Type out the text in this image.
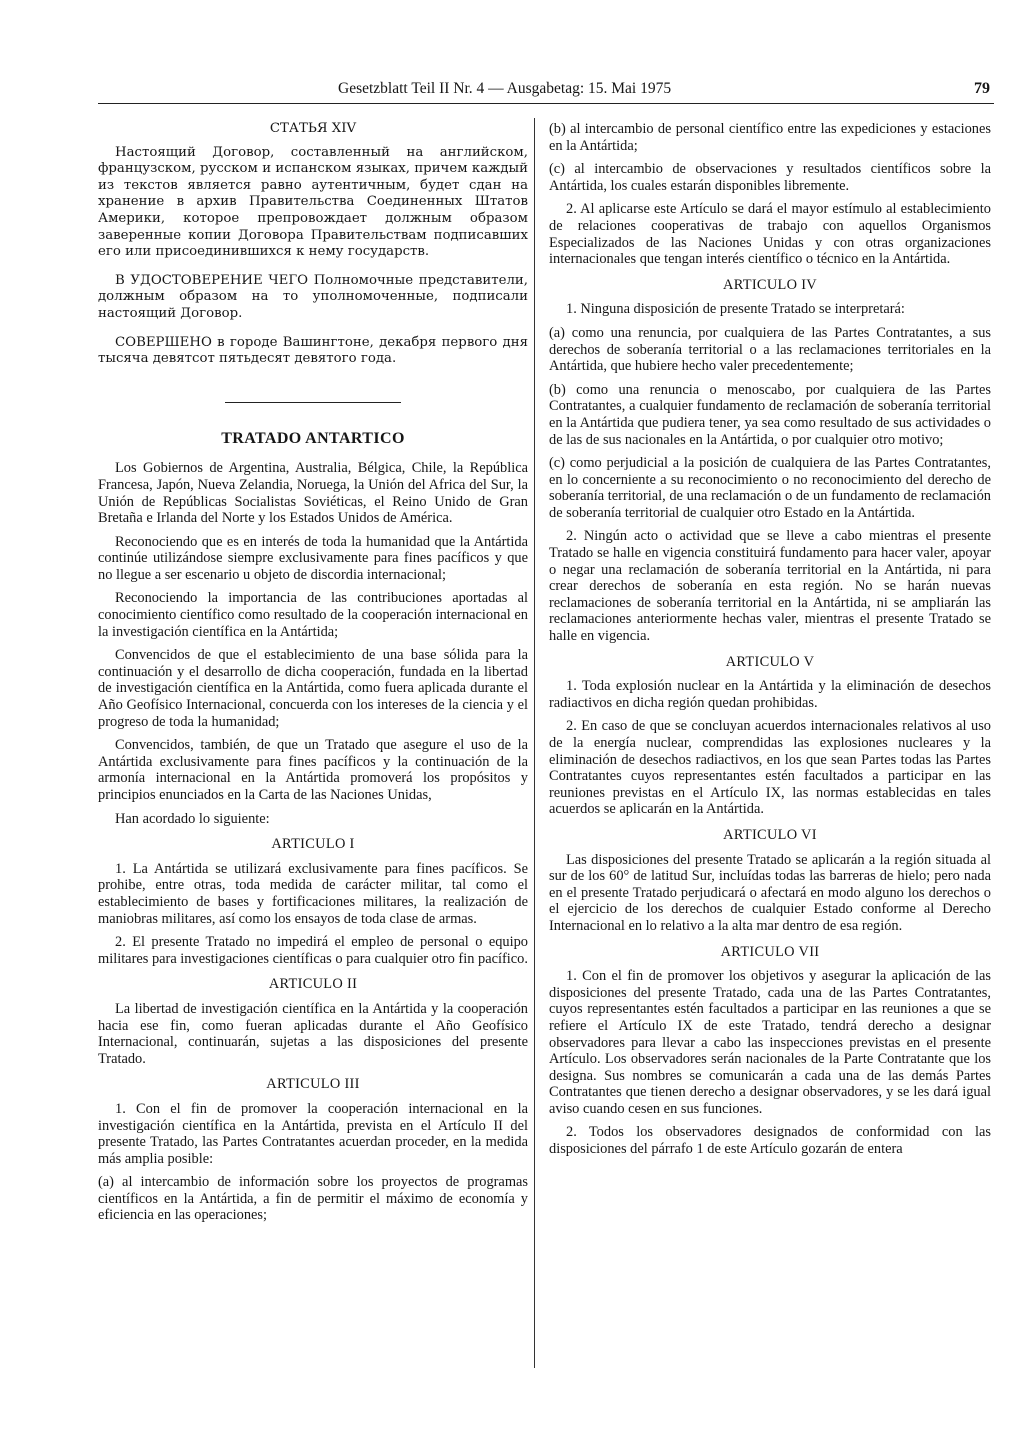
Gesetzblatt Teil II Nr. 4 — Ausgabetag: 15. Mai 1975	79
СТАТЬЯ XIV

Настоящий Договор, составленный на английском, французском, русском и испанском языках, причем каждый из текстов является равно аутентичным, будет сдан на хранение в архив Правительства Соединенных Штатов Америки, которое препровождает должным образом заверенные копии Договора Правительствам подписавших его или присоединившихся к нему государств.

В УДОСТОВЕРЕНИЕ ЧЕГО Полномочные представители, должным образом на то уполномоченные, подписали настоящий Договор.

СОВЕРШЕНО в городе Вашингтоне, декабря первого дня тысяча девятсот пятьдесят девятого года.

TRATADO ANTARTICO

Los Gobiernos de Argentina, Australia, Bélgica, Chile, la República Francesa, Japón, Nueva Zelandia, Noruega, la Unión del Africa del Sur, la Unión de Repúblicas Socialistas Soviéticas, el Reino Unido de Gran Bretaña e Irlanda del Norte y los Estados Unidos de América.

Reconociendo que es en interés de toda la humanidad que la Antártida continúe utilizándose siempre exclusivamente para fines pacíficos y que no llegue a ser escenario u objeto de discordia internacional;

Reconociendo la importancia de las contribuciones aportadas al conocimiento científico como resultado de la cooperación internacional en la investigación científica en la Antártida;

Convencidos de que el establecimiento de una base sólida para la continuación y el desarrollo de dicha cooperación, fundada en la libertad de investigación científica en la Antártida, como fuera aplicada durante el Año Geofísico Internacional, concuerda con los intereses de la ciencia y el progreso de toda la humanidad;

Convencidos, también, de que un Tratado que asegure el uso de la Antártida exclusivamente para fines pacíficos y la continuación de la armonía internacional en la Antártida promoverá los propósitos y principios enunciados en la Carta de las Naciones Unidas,

Han acordado lo siguiente:

ARTICULO I

1. La Antártida se utilizará exclusivamente para fines pacíficos. Se prohibe, entre otras, toda medida de carácter militar, tal como el establecimiento de bases y fortificaciones militares, la realización de maniobras militares, así como los ensayos de toda clase de armas.

2. El presente Tratado no impedirá el empleo de personal o equipo militares para investigaciones científicas o para cualquier otro fin pacífico.

ARTICULO II

La libertad de investigación científica en la Antártida y la cooperación hacia ese fin, como fueran aplicadas durante el Año Geofísico Internacional, continuarán, sujetas a las disposiciones del presente Tratado.

ARTICULO III

1. Con el fin de promover la cooperación internacional en la investigación científica en la Antártida, prevista en el Artículo II del presente Tratado, las Partes Contratantes acuerdan proceder, en la medida más amplia posible:

(a) al intercambio de información sobre los proyectos de programas científicos en la Antártida, a fin de permitir el máximo de economía y eficiencia en las operaciones;

(b) al intercambio de personal científico entre las expediciones y estaciones en la Antártida;

(c) al intercambio de observaciones y resultados científicos sobre la Antártida, los cuales estarán disponibles libremente.

2. Al aplicarse este Artículo se dará el mayor estímulo al establecimiento de relaciones cooperativas de trabajo con aquellos Organismos Especializados de las Naciones Unidas y con otras organizaciones internacionales que tengan interés científico o técnico en la Antártida.

ARTICULO IV

1. Ninguna disposición de presente Tratado se interpretará:

(a) como una renuncia, por cualquiera de las Partes Contratantes, a sus derechos de soberanía territorial o a las reclamaciones territoriales en la Antártida, que hubiere hecho valer precedentemente;

(b) como una renuncia o menoscabo, por cualquiera de las Partes Contratantes, a cualquier fundamento de reclamación de soberanía territorial en la Antártida que pudiera tener, ya sea como resultado de sus actividades o de las de sus nacionales en la Antártida, o por cualquier otro motivo;

(c) como perjudicial a la posición de cualquiera de las Partes Contratantes, en lo concerniente a su reconocimiento o no reconocimiento del derecho de soberanía territorial, de una reclamación o de un fundamento de reclamación de soberanía territorial de cualquier otro Estado en la Antártida.

2. Ningún acto o actividad que se lleve a cabo mientras el presente Tratado se halle en vigencia constituirá fundamento para hacer valer, apoyar o negar una reclamación de soberanía territorial en la Antártida, ni para crear derechos de soberanía en esta región. No se harán nuevas reclamaciones de soberanía territorial en la Antártida, ni se ampliarán las reclamaciones anteriormente hechas valer, mientras el presente Tratado se halle en vigencia.

ARTICULO V

1. Toda explosión nuclear en la Antártida y la eliminación de desechos radiactivos en dicha región quedan prohibidas.

2. En caso de que se concluyan acuerdos internacionales relativos al uso de la energía nuclear, comprendidas las explosiones nucleares y la eliminación de desechos radiactivos, en los que sean Partes todas las Partes Contratantes cuyos representantes estén facultados a participar en las reuniones previstas en el Artículo IX, las normas establecidas en tales acuerdos se aplicarán en la Antártida.

ARTICULO VI

Las disposiciones del presente Tratado se aplicarán a la región situada al sur de los 60° de latitud Sur, incluídas todas las barreras de hielo; pero nada en el presente Tratado perjudicará o afectará en modo alguno los derechos o el ejercicio de los derechos de cualquier Estado conforme al Derecho Internacional en lo relativo a la alta mar dentro de esa región.

ARTICULO VII

1. Con el fin de promover los objetivos y asegurar la aplicación de las disposiciones del presente Tratado, cada una de las Partes Contratantes, cuyos representantes estén facultados a participar en las reuniones a que se refiere el Artículo IX de este Tratado, tendrá derecho a designar observadores para llevar a cabo las inspecciones previstas en el presente Artículo. Los observadores serán nacionales de la Parte Contratante que los designa. Sus nombres se comunicarán a cada una de las demás Partes Contratantes que tienen derecho a designar observadores, y se les dará igual aviso cuando cesen en sus funciones.

2. Todos los observadores designados de conformidad con las disposiciones del párrafo 1 de este Artículo gozarán de entera
